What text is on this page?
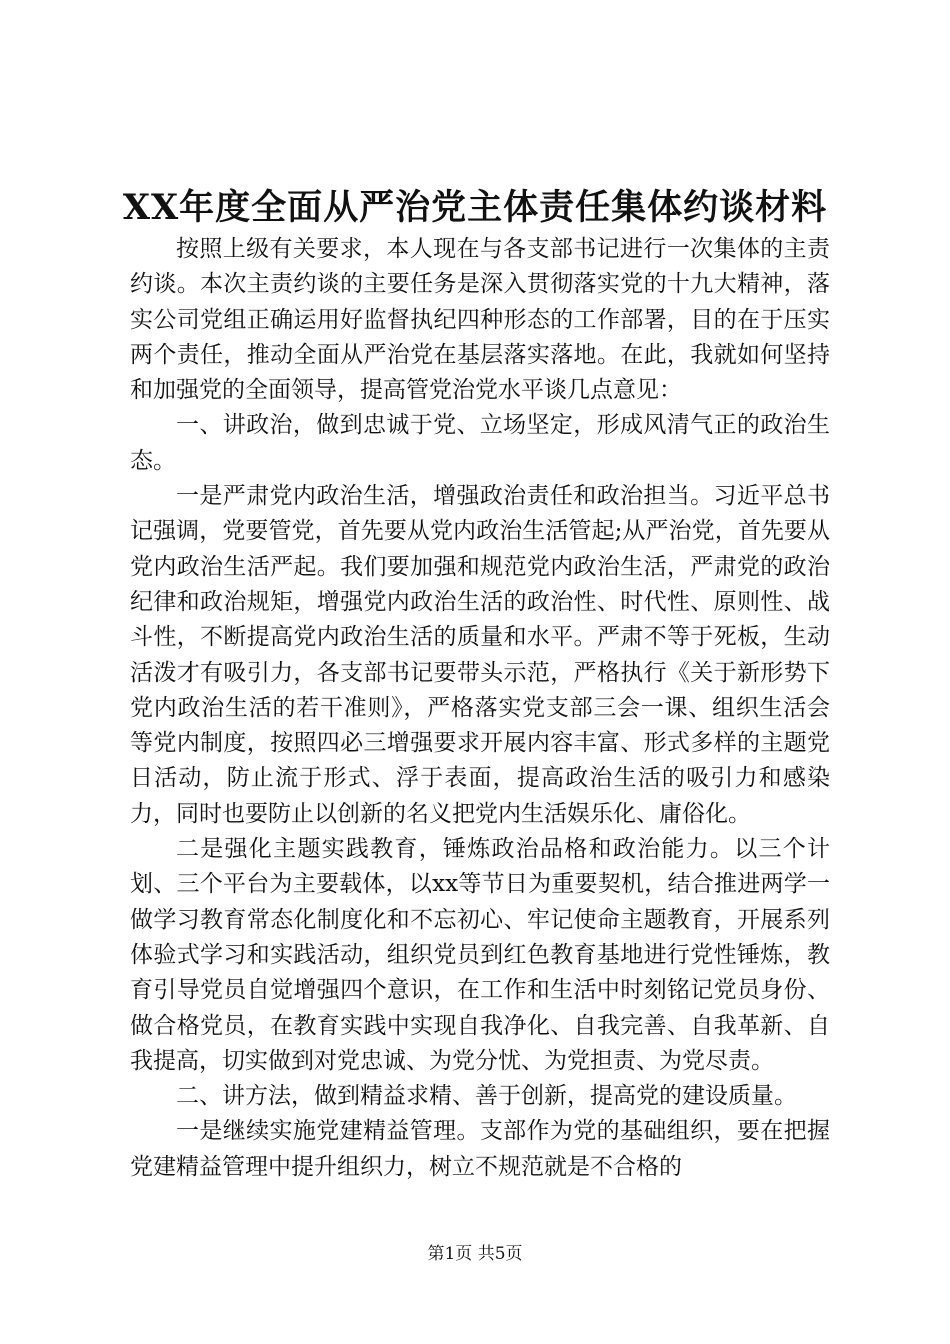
XX年度全面从严治党主体责任集体约谈材料

按照上级有关要求，本人现在与各支部书记进行一次集体的主责约谈。本次主责约谈的主要任务是深入贯彻落实党的十九大精神，落实公司党组正确运用好监督执纪四种形态的工作部署，目的在于压实两个责任，推动全面从严治党在基层落实落地。在此，我就如何坚持和加强党的全面领导，提高管党治党水平谈几点意见：

一、讲政治，做到忠诚于党、立场坚定，形成风清气正的政治生态。

一是严肃党内政治生活，增强政治责任和政治担当。习近平总书记强调，党要管党，首先要从党内政治生活管起;从严治党，首先要从党内政治生活严起。我们要加强和规范党内政治生活，严肃党的政治纪律和政治规矩，增强党内政治生活的政治性、时代性、原则性、战斗性，不断提高党内政治生活的质量和水平。严肃不等于死板，生动活泼才有吸引力，各支部书记要带头示范，严格执行《关于新形势下党内政治生活的若干准则》，严格落实党支部三会一课、组织生活会等党内制度，按照四必三增强要求开展内容丰富、形式多样的主题党日活动，防止流于形式、浮于表面，提高政治生活的吸引力和感染力，同时也要防止以创新的名义把党内生活娱乐化、庸俗化。

二是强化主题实践教育，锤炼政治品格和政治能力。以三个计划、三个平台为主要载体，以xx等节日为重要契机，结合推进两学一做学习教育常态化制度化和不忘初心、牢记使命主题教育，开展系列体验式学习和实践活动，组织党员到红色教育基地进行党性锤炼，教育引导党员自觉增强四个意识，在工作和生活中时刻铭记党员身份、做合格党员，在教育实践中实现自我净化、自我完善、自我革新、自我提高，切实做到对党忠诚、为党分忧、为党担责、为党尽责。

二、讲方法，做到精益求精、善于创新，提高党的建设质量。

一是继续实施党建精益管理。支部作为党的基础组织，要在把握党建精益管理中提升组织力，树立不规范就是不合格的

第1页 共5页
